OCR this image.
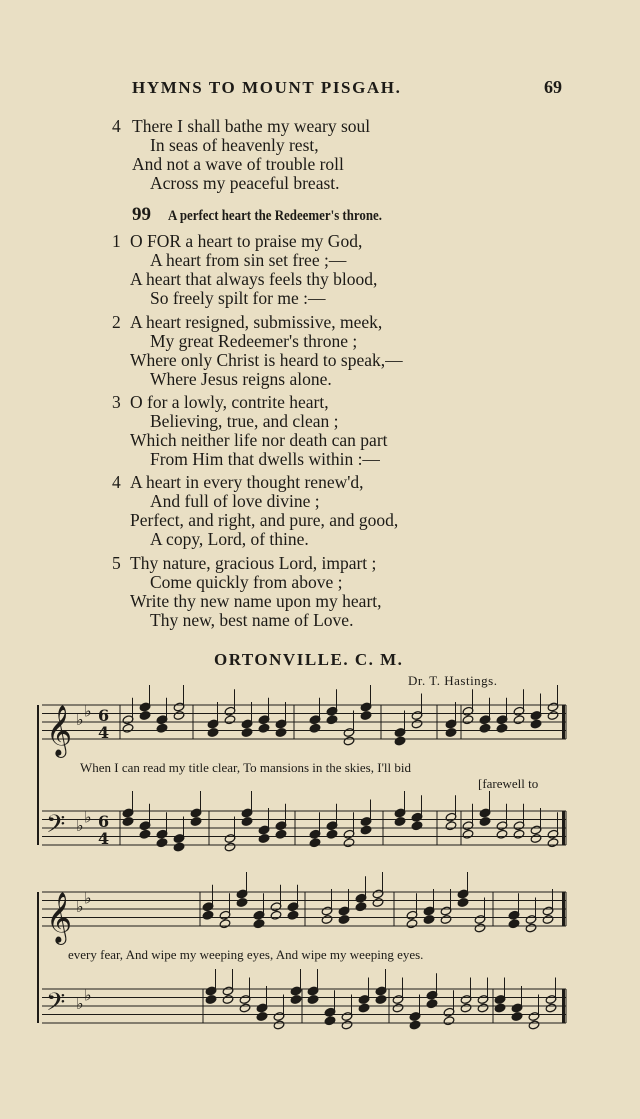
HYMNS TO MOUNT PISGAH.	69
4 There I shall bathe my weary soul
In seas of heavenly rest,
And not a wave of trouble roll
Across my peaceful breast.
99 A perfect heart the Redeemer's throne.
1 O FOR a heart to praise my God,
A heart from sin set free ;—
A heart that always feels thy blood,
So freely spilt for me :—
2 A heart resigned, submissive, meek,
My great Redeemer's throne ;
Where only Christ is heard to speak,—
Where Jesus reigns alone.
3 O for a lowly, contrite heart,
Believing, true, and clean ;
Which neither life nor death can part
From Him that dwells within :—
4 A heart in every thought renew'd,
And full of love divine ;
Perfect, and right, and pure, and good,
A copy, Lord, of thine.
5 Thy nature, gracious Lord, impart ;
Come quickly from above ;
Write thy new name upon my heart,
Thy new, best name of Love.
ORTONVILLE. C. M.
Dr. T. Hastings.
𝄞 ♭ ♭ 6
4
𝄢 ♭ ♭ 6
4
𝄞 ♭ ♭
𝄢 ♭ ♭
When I can read my title clear, To mansions in the skies, I'll bid
[farewell to
every fear, And wipe my weeping eyes, And wipe my weeping eyes.
